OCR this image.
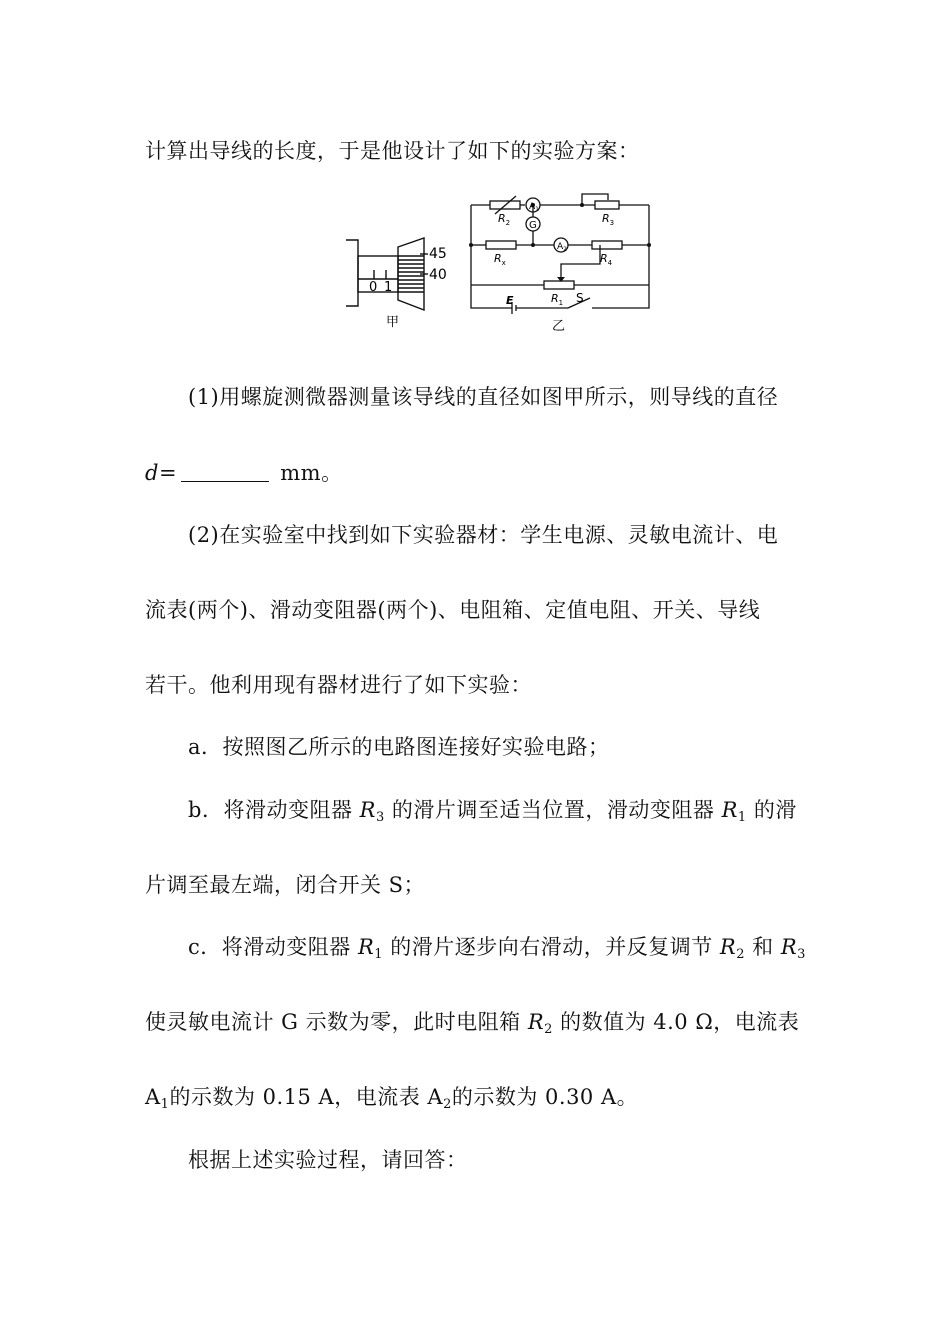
计算出导线的长度，于是他设计了如下的实验方案：
45
40
0 1
甲
$R_2$
$A_1$
$R_3$
G
$R_x$
$A_2$
$R_4$
$R_1$ S
E
乙
(1)用螺旋测微器测量该导线的直径如图甲所示，则导线的直径
d=	mm。
(2)在实验室中找到如下实验器材：学生电源、灵敏电流计、电
流表(两个)、滑动变阻器(两个)、电阻箱、定值电阻、开关、导线
若干。他利用现有器材进行了如下实验：
a．按照图乙所示的电路图连接好实验电路；
b．将滑动变阻器 $R_3$ 的滑片调至适当位置，滑动变阻器 $R_1$ 的滑
片调至最左端，闭合开关 S；
c．将滑动变阻器 $R_1$ 的滑片逐步向右滑动，并反复调节 $R_2$ 和 $R_3$
使灵敏电流计 G 示数为零，此时电阻箱 $R_2$ 的数值为 4.0 Ω，电流表
$A_1$的示数为 0.15 A，电流表 $A_2$的示数为 0.30 A。
根据上述实验过程，请回答：
